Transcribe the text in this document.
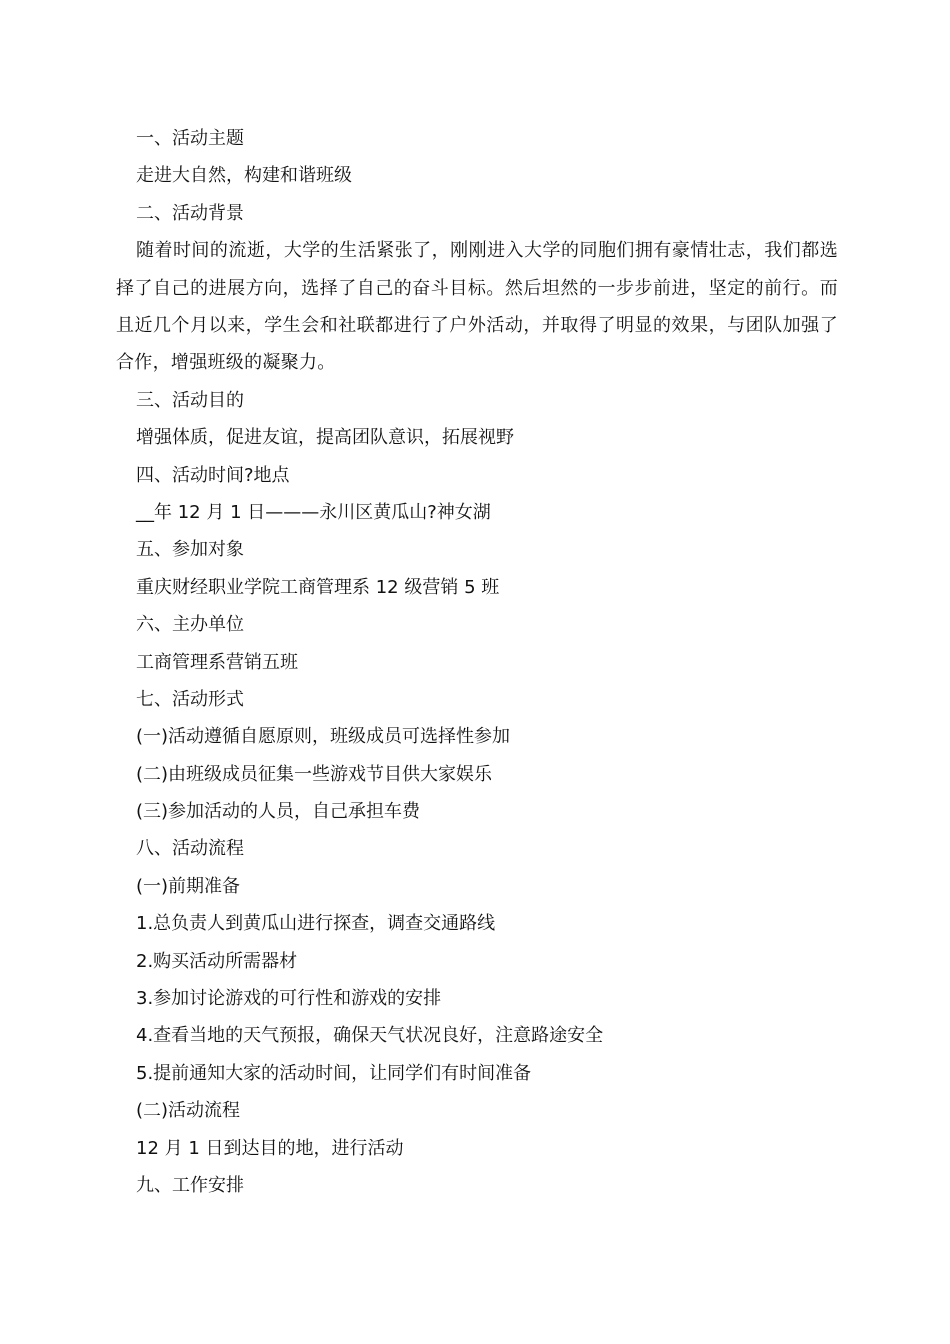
一、活动主题
走进大自然，构建和谐班级
二、活动背景
随着时间的流逝，大学的生活紧张了，刚刚进入大学的同胞们拥有豪情壮志，我们都选择了自己的进展方向，选择了自己的奋斗目标。然后坦然的一步步前进，坚定的前行。而且近几个月以来，学生会和社联都进行了户外活动，并取得了明显的效果，与团队加强了合作，增强班级的凝聚力。
三、活动目的
增强体质，促进友谊，提高团队意识，拓展视野
四、活动时间?地点
__年 12 月 1 日———永川区黄瓜山?神女湖
五、参加对象
重庆财经职业学院工商管理系 12 级营销 5 班
六、主办单位
工商管理系营销五班
七、活动形式
(一)活动遵循自愿原则，班级成员可选择性参加
(二)由班级成员征集一些游戏节目供大家娱乐
(三)参加活动的人员，自己承担车费
八、活动流程
(一)前期准备
1.总负责人到黄瓜山进行探查，调查交通路线
2.购买活动所需器材
3.参加讨论游戏的可行性和游戏的安排
4.查看当地的天气预报，确保天气状况良好，注意路途安全
5.提前通知大家的活动时间，让同学们有时间准备
(二)活动流程
12 月 1 日到达目的地，进行活动
九、工作安排
